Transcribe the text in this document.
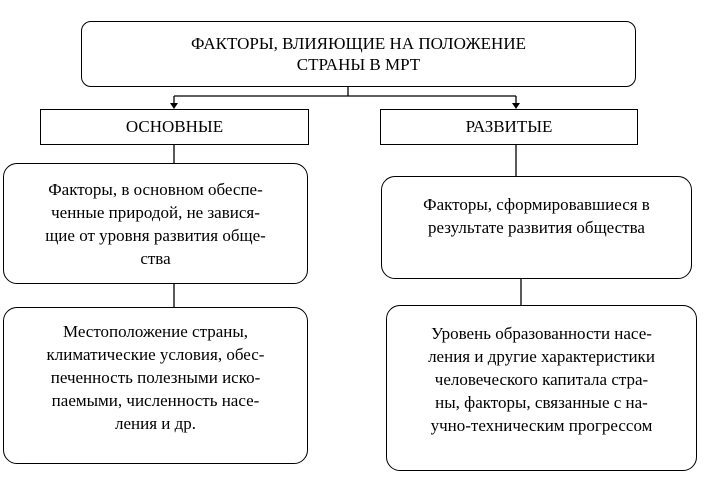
ФАКТОРЫ, ВЛИЯЮЩИЕ НА ПОЛОЖЕНИЕ
СТРАНЫ В МРТ
ОСНОВНЫЕ	РАЗВИТЫЕ
Факторы, в основном обеспе-
ченные природой, не завися-
щие от уровня развития обще-
ства
Факторы, сформировавшиеся в
результате развития общества
Местоположение страны,
климатические условия, обес-
печенность полезными иско-
паемыми, численность насе-
ления и др.
Уровень образованности насе-
ления и другие характеристики
человеческого капитала стра-
ны, факторы, связанные с на-
учно-техническим прогрессом
